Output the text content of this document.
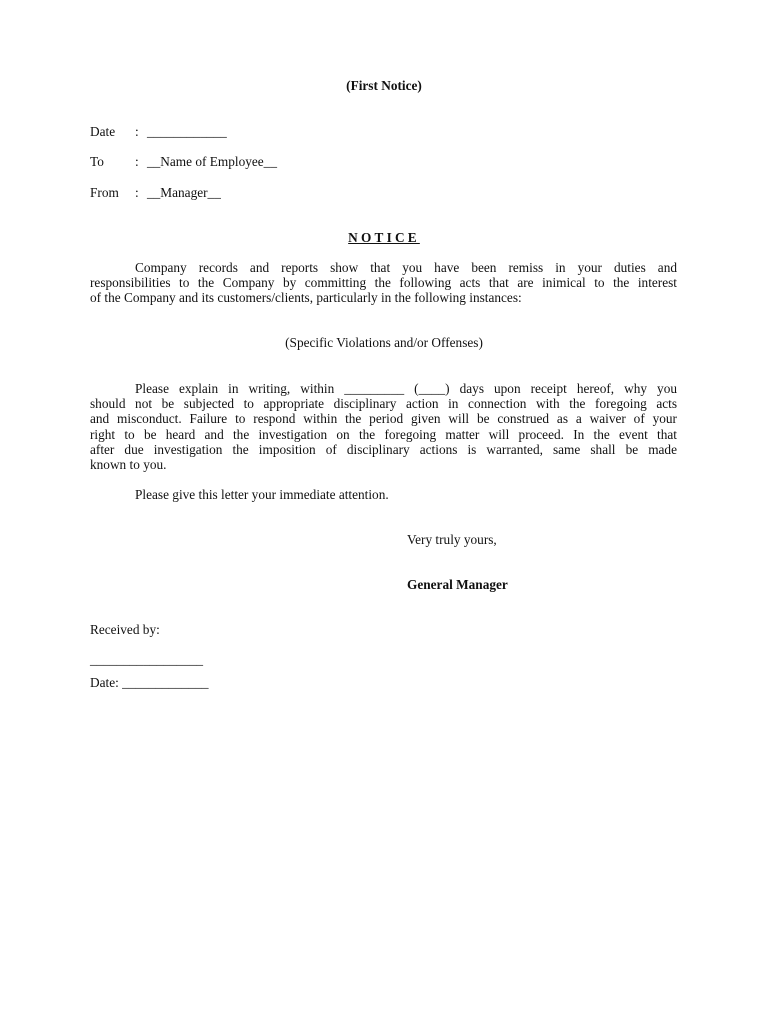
(First Notice)
Date : ____________
To : __Name of Employee__
From : __Manager__
NOTICE
Company records and reports show that you have been remiss in your duties and
responsibilities to the Company by committing the following acts that are inimical to the interest
of the Company and its customers/clients, particularly in the following instances:
(Specific Violations and/or Offenses)
Please explain in writing, within _________ (____) days upon receipt hereof, why you
should not be subjected to appropriate disciplinary action in connection with the foregoing acts
and misconduct. Failure to respond within the period given will be construed as a waiver of your
right to be heard and the investigation on the foregoing matter will proceed. In the event that
after due investigation the imposition of disciplinary actions is warranted, same shall be made
known to you.
Please give this letter your immediate attention.
Very truly yours,
General Manager
Received by:
_________________
Date: _____________
